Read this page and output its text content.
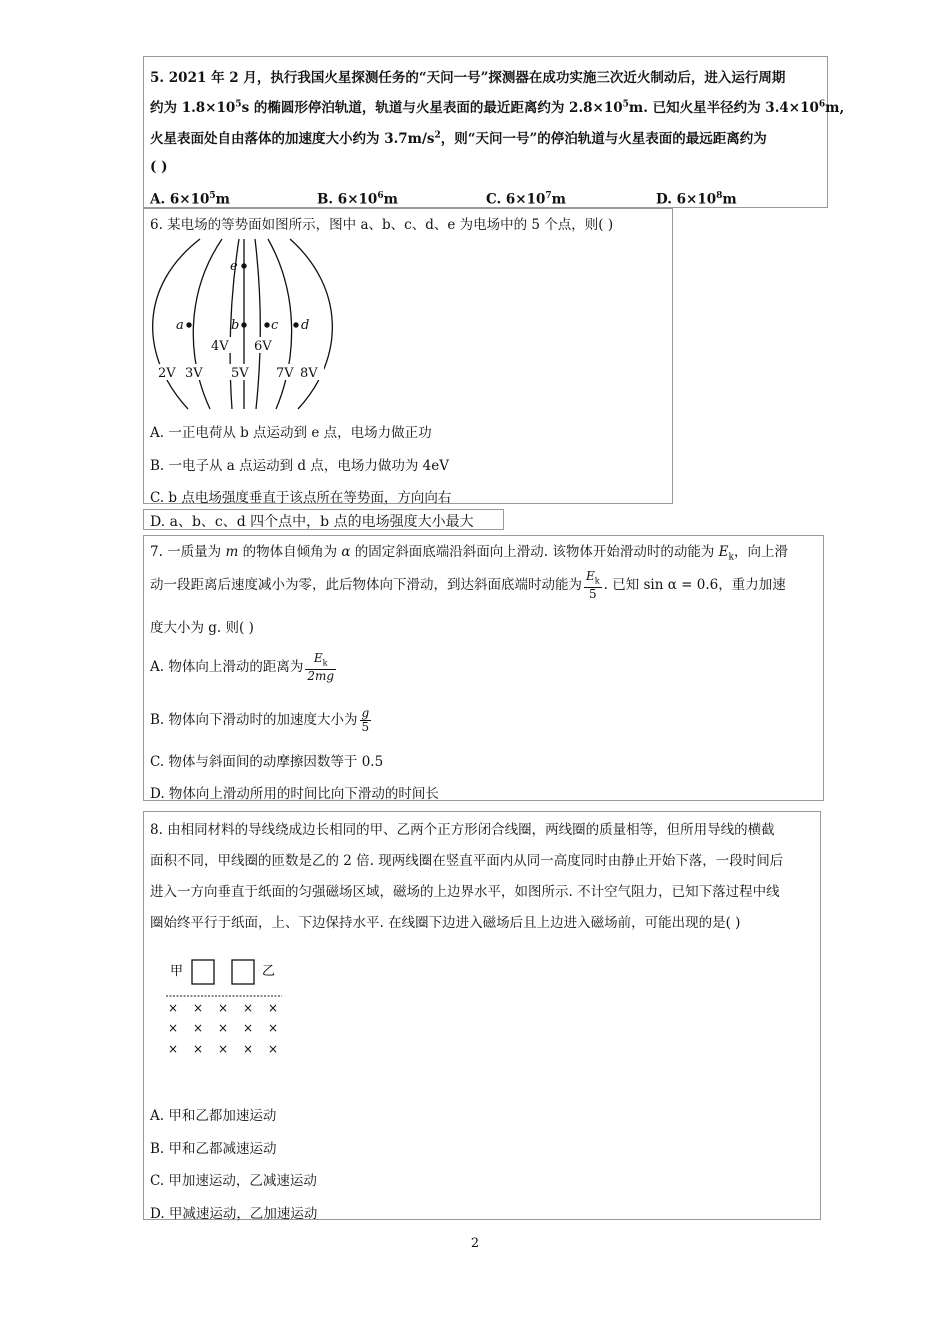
5. 2021 年 2 月，执行我国火星探测任务的“天问一号”探测器在成功实施三次近火制动后，进入运行周期
约为 $1.8\times 10^5s$ 的椭圆形停泊轨道，轨道与火星表面的最近距离约为 $2.8\times 10^5m$. 已知火星半径约为 $3.4\times 10^6m$,
火星表面处自由落体的加速度大小约为 $3.7m/s^2$，则“天问一号”的停泊轨道与火星表面的最远距离约为
( )
A. $6\times 10^5m$	B. $6\times 10^6m$	C. $6\times 10^7m$	D. $6\times 10^8m$
6. 某电场的等势面如图所示，图中 a、b、c、d、e 为电场中的 5 个点，则( )
e
a	b c d
4V 6V
2V 3V 5V 7V 8V
A. 一正电荷从 b 点运动到 e 点，电场力做正功
B. 一电子从 a 点运动到 d 点，电场力做功为 4eV
C. b 点电场强度垂直于该点所在等势面，方向向右
D. a、b、c、d 四个点中，b 点的电场强度大小最大
7. 一质量为 m 的物体自倾角为 α 的固定斜面底端沿斜面向上滑动. 该物体开始滑动时的动能为 $E_k$，向上滑
动一段距离后速度减小为零，此后物体向下滑动，到达斜面底端时动能为 $\frac{E_k}{5}$ . 已知 sin α = 0.6，重力加速
度大小为 g. 则( )
A. 物体向上滑动的距离为 $\frac{E_k}{2mg}$
B. 物体向下滑动时的加速度大小为 $\frac{g}{5}$
C. 物体与斜面间的动摩擦因数等于 0.5
D. 物体向上滑动所用的时间比向下滑动的时间长
8. 由相同材料的导线绕成边长相同的甲、乙两个正方形闭合线圈，两线圈的质量相等，但所用导线的横截
面积不同，甲线圈的匝数是乙的 2 倍. 现两线圈在竖直平面内从同一高度同时由静止开始下落，一段时间后
进入一方向垂直于纸面的匀强磁场区域，磁场的上边界水平，如图所示. 不计空气阻力，已知下落过程中线
圈始终平行于纸面，上、下边保持水平. 在线圈下边进入磁场后且上边进入磁场前，可能出现的是( )
甲	乙
× × × × ×
× × × × ×
× × × × ×
A. 甲和乙都加速运动
B. 甲和乙都减速运动
C. 甲加速运动，乙减速运动
D. 甲减速运动，乙加速运动
2
